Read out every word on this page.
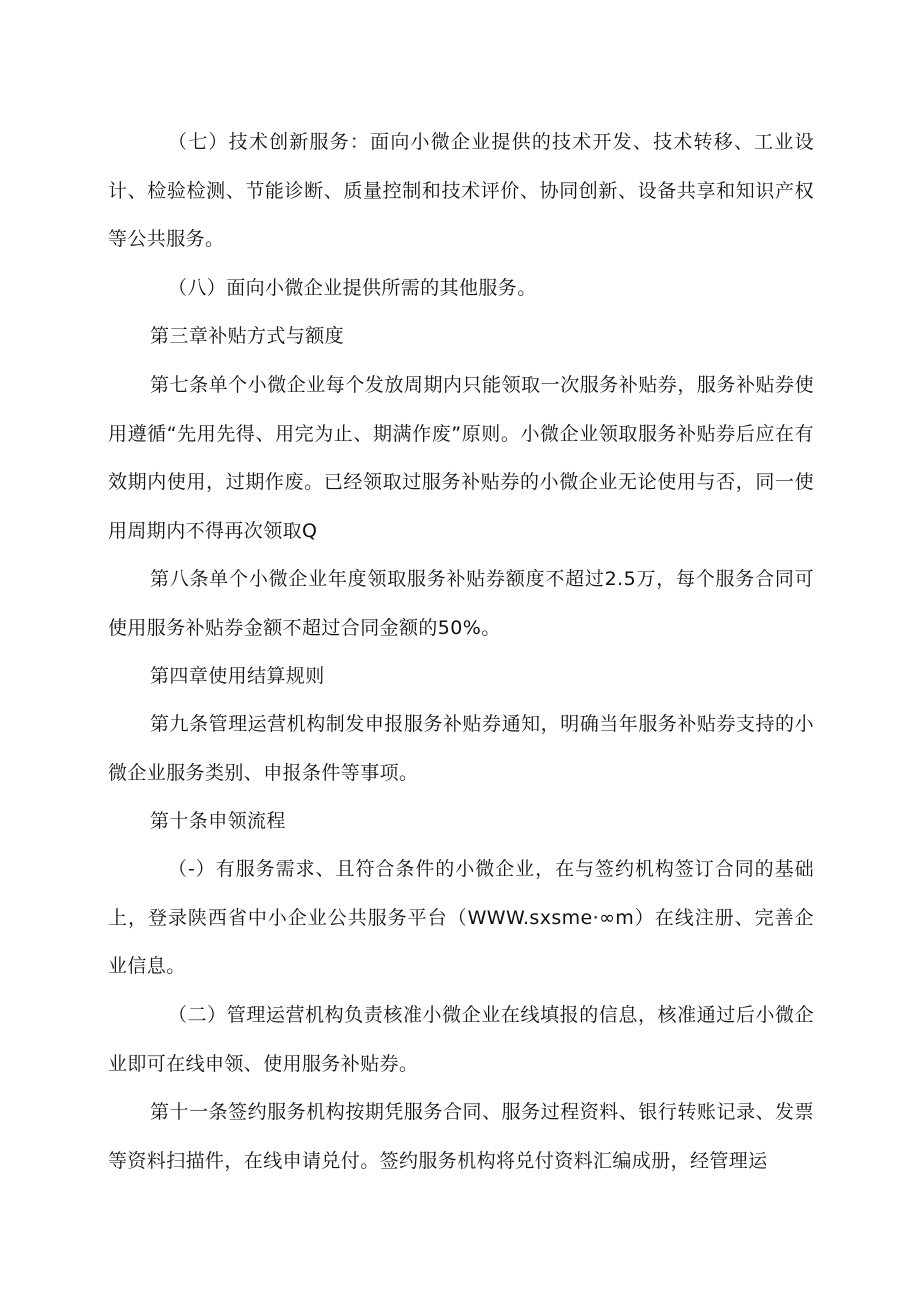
（七）技术创新服务：面向小微企业提供的技术开发、技术转移、工业设计、检验检测、节能诊断、质量控制和技术评价、协同创新、设备共享和知识产权等公共服务。

（八）面向小微企业提供所需的其他服务。

第三章补贴方式与额度

第七条单个小微企业每个发放周期内只能领取一次服务补贴券，服务补贴券使用遵循“先用先得、用完为止、期满作废”原则。小微企业领取服务补贴券后应在有效期内使用，过期作废。已经领取过服务补贴券的小微企业无论使用与否，同一使用周期内不得再次领取Q

第八条单个小微企业年度领取服务补贴券额度不超过2.5万，每个服务合同可使用服务补贴券金额不超过合同金额的50%。

第四章使用结算规则

第九条管理运营机构制发申报服务补贴券通知，明确当年服务补贴券支持的小微企业服务类别、申报条件等事项。

第十条申领流程

（-）有服务需求、且符合条件的小微企业，在与签约机构签订合同的基础上，登录陕西省中小企业公共服务平台（WWW.sxsme·∞m）在线注册、完善企业信息。

（二）管理运营机构负责核准小微企业在线填报的信息，核准通过后小微企业即可在线申领、使用服务补贴券。

第十一条签约服务机构按期凭服务合同、服务过程资料、银行转账记录、发票等资料扫描件，在线申请兑付。签约服务机构将兑付资料汇编成册，经管理运
